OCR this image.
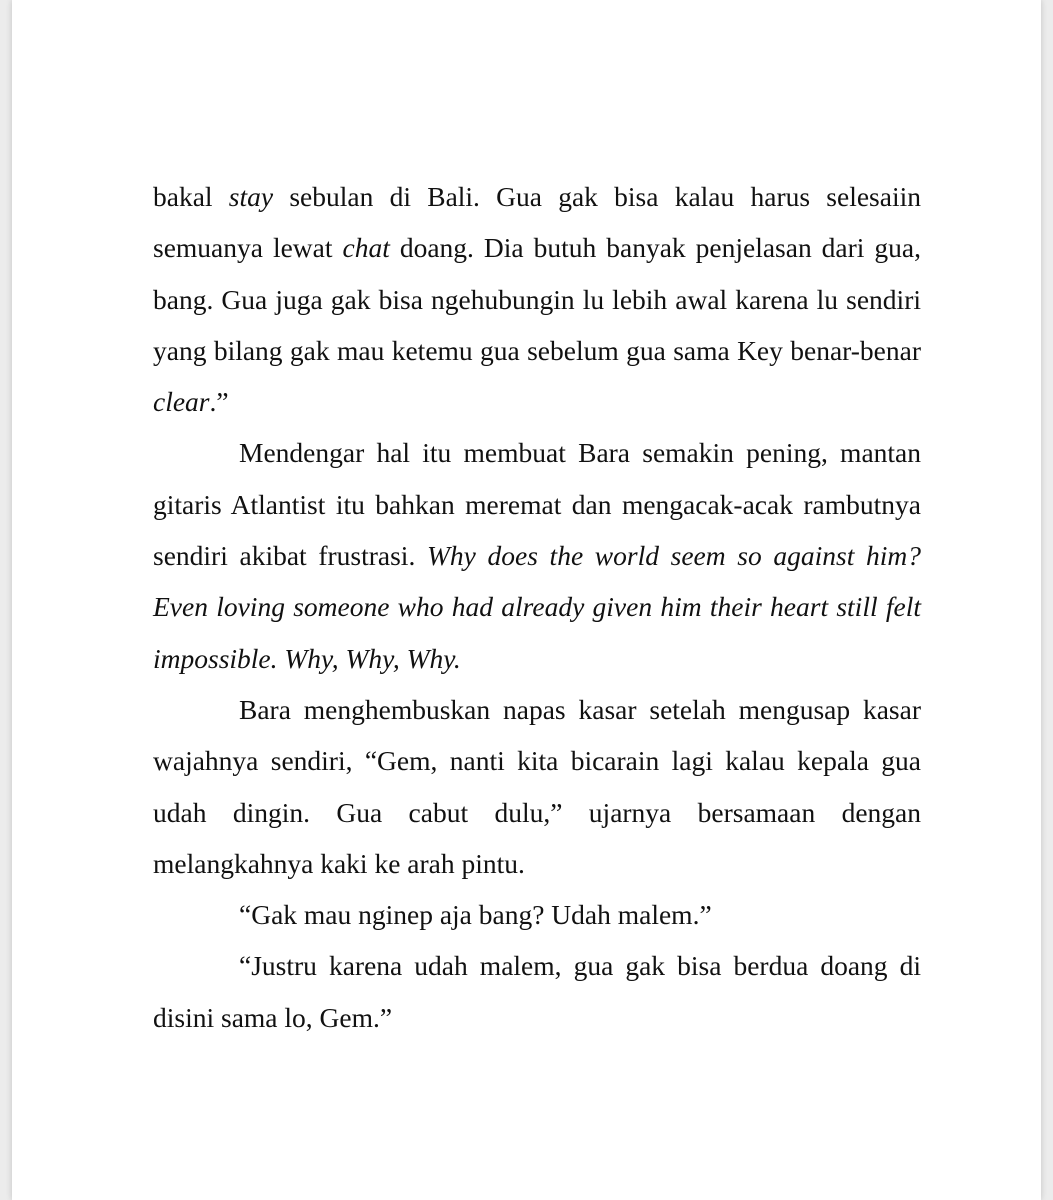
bakal stay sebulan di Bali. Gua gak bisa kalau harus selesaiin semuanya lewat chat doang. Dia butuh banyak penjelasan dari gua, bang. Gua juga gak bisa ngehubungin lu lebih awal karena lu sendiri yang bilang gak mau ketemu gua sebelum gua sama Key benar-benar clear.”

Mendengar hal itu membuat Bara semakin pening, mantan gitaris Atlantist itu bahkan meremat dan mengacak-acak rambutnya sendiri akibat frustrasi. Why does the world seem so against him? Even loving someone who had already given him their heart still felt impossible. Why, Why, Why.

Bara menghembuskan napas kasar setelah mengusap kasar wajahnya sendiri, “Gem, nanti kita bicarain lagi kalau kepala gua udah dingin. Gua cabut dulu,” ujarnya bersamaan dengan melangkahnya kaki ke arah pintu.

“Gak mau nginep aja bang? Udah malem.”

“Justru karena udah malem, gua gak bisa berdua doang di disini sama lo, Gem.”
